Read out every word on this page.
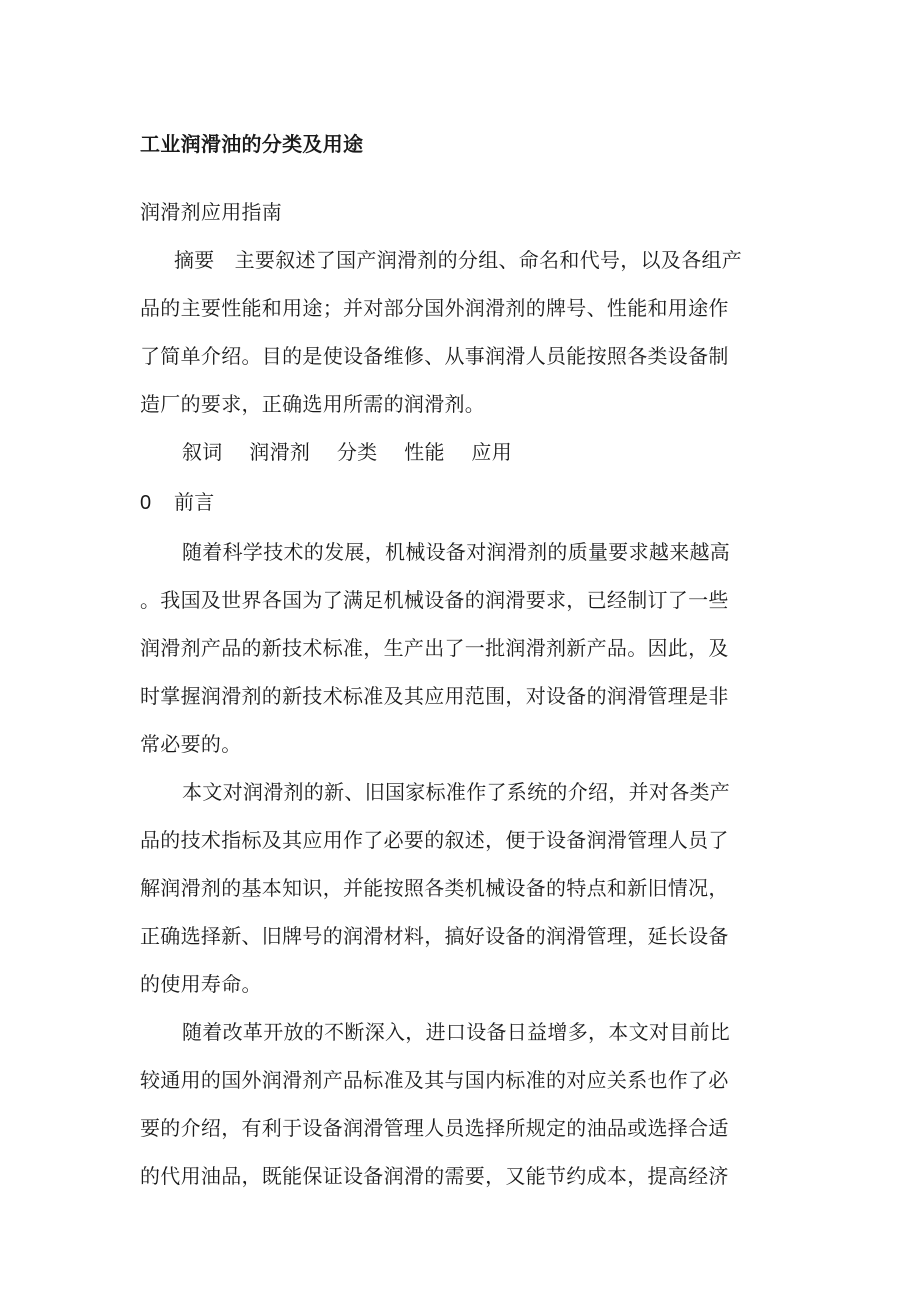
工业润滑油的分类及用途
润滑剂应用指南
摘要 主要叙述了国产润滑剂的分组、命名和代号，以及各组产
品的主要性能和用途；并对部分国外润滑剂的牌号、性能和用途作
了简单介绍。目的是使设备维修、从事润滑人员能按照各类设备制
造厂的要求，正确选用所需的润滑剂。
叙词 润滑剂 分类 性能 应用
0 前言
随着科学技术的发展，机械设备对润滑剂的质量要求越来越高
。我国及世界各国为了满足机械设备的润滑要求，已经制订了一些
润滑剂产品的新技术标准，生产出了一批润滑剂新产品。因此，及
时掌握润滑剂的新技术标准及其应用范围，对设备的润滑管理是非
常必要的。
本文对润滑剂的新、旧国家标准作了系统的介绍，并对各类产
品的技术指标及其应用作了必要的叙述，便于设备润滑管理人员了
解润滑剂的基本知识，并能按照各类机械设备的特点和新旧情况，
正确选择新、旧牌号的润滑材料，搞好设备的润滑管理，延长设备
的使用寿命。
随着改革开放的不断深入，进口设备日益增多，本文对目前比
较通用的国外润滑剂产品标准及其与国内标准的对应关系也作了必
要的介绍，有利于设备润滑管理人员选择所规定的油品或选择合适
的代用油品，既能保证设备润滑的需要，又能节约成本，提高经济
